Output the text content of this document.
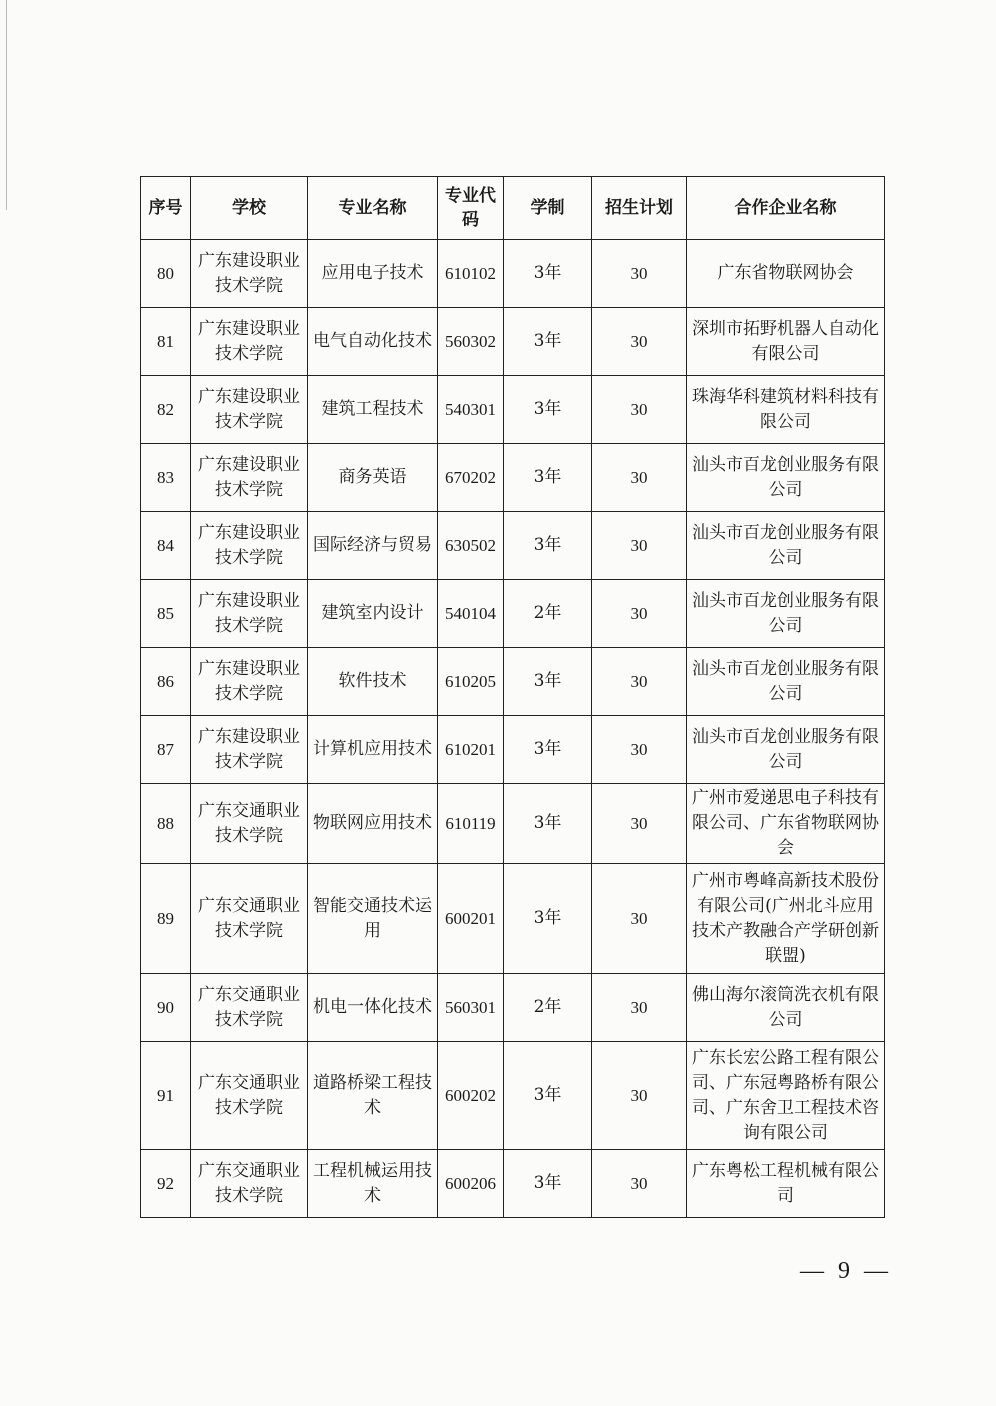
序号	学校	专业名称	专业代码	学制	招生计划	合作企业名称
80	广东建设职业技术学院	应用电子技术	610102	3年	30	广东省物联网协会
81	广东建设职业技术学院	电气自动化技术	560302	3年	30	深圳市拓野机器人自动化有限公司
82	广东建设职业技术学院	建筑工程技术	540301	3年	30	珠海华科建筑材料科技有限公司
83	广东建设职业技术学院	商务英语	670202	3年	30	汕头市百龙创业服务有限公司
84	广东建设职业技术学院	国际经济与贸易	630502	3年	30	汕头市百龙创业服务有限公司
85	广东建设职业技术学院	建筑室内设计	540104	2年	30	汕头市百龙创业服务有限公司
86	广东建设职业技术学院	软件技术	610205	3年	30	汕头市百龙创业服务有限公司
87	广东建设职业技术学院	计算机应用技术	610201	3年	30	汕头市百龙创业服务有限公司
88	广东交通职业技术学院	物联网应用技术	610119	3年	30	广州市爱递思电子科技有限公司、广东省物联网协会
89	广东交通职业技术学院	智能交通技术运用	600201	3年	30	广州市粤峰高新技术股份有限公司(广州北斗应用技术产教融合产学研创新联盟)
90	广东交通职业技术学院	机电一体化技术	560301	2年	30	佛山海尔滚筒洗衣机有限公司
91	广东交通职业技术学院	道路桥梁工程技术	600202	3年	30	广东长宏公路工程有限公司、广东冠粤路桥有限公司、广东舍卫工程技术咨询有限公司
92	广东交通职业技术学院	工程机械运用技术	600206	3年	30	广东粤松工程机械有限公司
— 9 —
